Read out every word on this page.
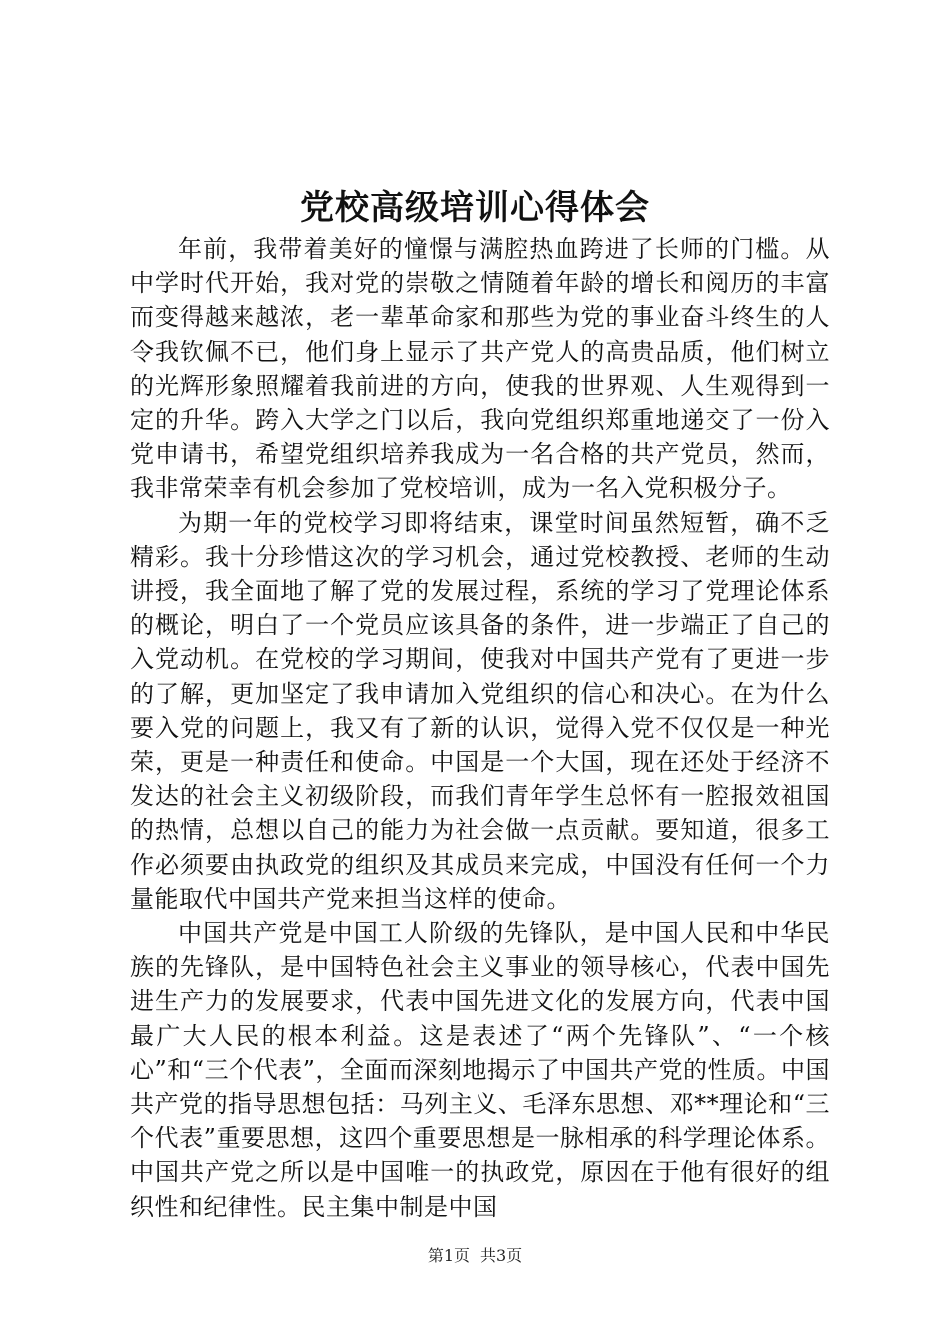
党校高级培训心得体会

年前，我带着美好的憧憬与满腔热血跨进了长师的门槛。从中学时代开始，我对党的崇敬之情随着年龄的增长和阅历的丰富而变得越来越浓，老一辈革命家和那些为党的事业奋斗终生的人令我钦佩不已，他们身上显示了共产党人的高贵品质，他们树立的光辉形象照耀着我前进的方向，使我的世界观、人生观得到一定的升华。跨入大学之门以后，我向党组织郑重地递交了一份入党申请书，希望党组织培养我成为一名合格的共产党员，然而，我非常荣幸有机会参加了党校培训，成为一名入党积极分子。

为期一年的党校学习即将结束，课堂时间虽然短暂，确不乏精彩。我十分珍惜这次的学习机会，通过党校教授、老师的生动讲授，我全面地了解了党的发展过程，系统的学习了党理论体系的概论，明白了一个党员应该具备的条件，进一步端正了自己的入党动机。在党校的学习期间，使我对中国共产党有了更进一步的了解，更加坚定了我申请加入党组织的信心和决心。在为什么要入党的问题上，我又有了新的认识，觉得入党不仅仅是一种光荣，更是一种责任和使命。中国是一个大国，现在还处于经济不发达的社会主义初级阶段，而我们青年学生总怀有一腔报效祖国的热情，总想以自己的能力为社会做一点贡献。要知道，很多工作必须要由执政党的组织及其成员来完成，中国没有任何一个力量能取代中国共产党来担当这样的使命。

中国共产党是中国工人阶级的先锋队，是中国人民和中华民族的先锋队，是中国特色社会主义事业的领导核心，代表中国先进生产力的发展要求，代表中国先进文化的发展方向，代表中国最广大人民的根本利益。这是表述了“两个先锋队”、“一个核心”和“三个代表”，全面而深刻地揭示了中国共产党的性质。中国共产党的指导思想包括：马列主义、毛泽东思想、邓**理论和“三个代表”重要思想，这四个重要思想是一脉相承的科学理论体系。中国共产党之所以是中国唯一的执政党，原因在于他有很好的组织性和纪律性。民主集中制是中国

第1页 共3页
